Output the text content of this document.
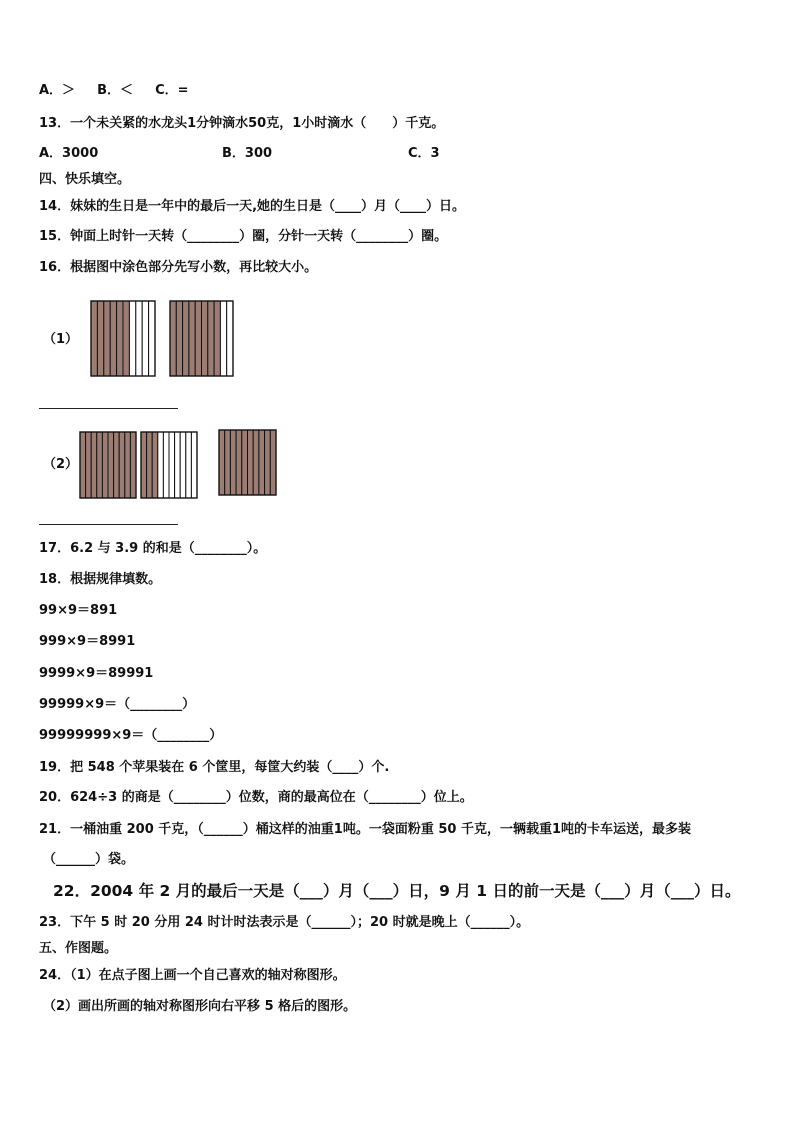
A．＞　  B．＜　  C．=
13．一个未关紧的水龙头1分钟滴水50克，1小时滴水（　　）千克。
A．3000	B．300	C．3
四、快乐填空。
14．妹妹的生日是一年中的最后一天,她的生日是（____）月（____）日。
15．钟面上时针一天转（________）圈，分针一天转（________）圈。
16．根据图中涂色部分先写小数，再比较大小。
（1）
（2）
17．6.2 与 3.9 的和是（________）。
18．根据规律填数。
99×9＝891
999×9＝8991
9999×9＝89991
99999×9＝（________）
99999999×9＝（________）
19．把 548 个苹果装在 6 个筐里，每筐大约装（____）个.
20．624÷3 的商是（________）位数，商的最高位在（________）位上。
21．一桶油重 200 千克，（______）桶这样的油重1吨。一袋面粉重 50 千克，一辆载重1吨的卡车运送，最多装
（______）袋。
22．2004 年 2 月的最后一天是（___）月（___）日，9 月 1 日的前一天是（___）月（___）日。
23．下午 5 时 20 分用 24 时计时法表示是（______）；20 时就是晚上（______）。
五、作图题。
24．（1）在点子图上画一个自己喜欢的轴对称图形。
（2）画出所画的轴对称图形向右平移 5 格后的图形。
